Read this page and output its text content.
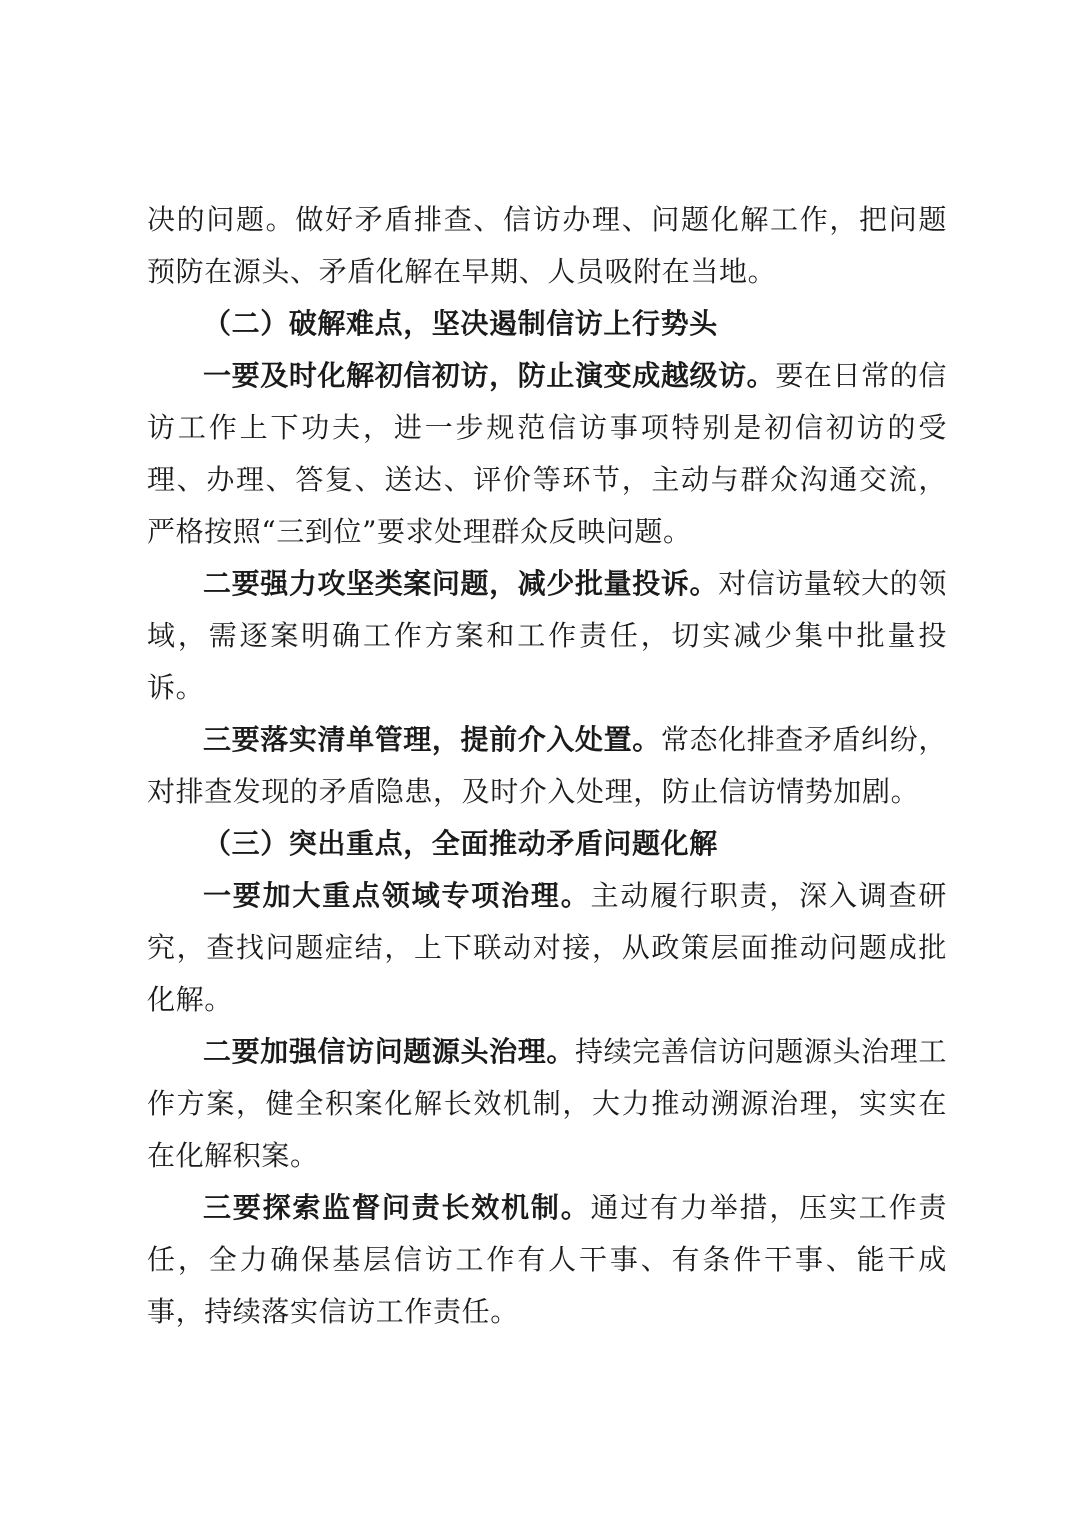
决的问题。做好矛盾排查、信访办理、问题化解工作，把问题预防在源头、矛盾化解在早期、人员吸附在当地。

（二）破解难点，坚决遏制信访上行势头

一要及时化解初信初访，防止演变成越级访。要在日常的信访工作上下功夫，进一步规范信访事项特别是初信初访的受理、办理、答复、送达、评价等环节，主动与群众沟通交流，严格按照“三到位”要求处理群众反映问题。

二要强力攻坚类案问题，减少批量投诉。对信访量较大的领域，需逐案明确工作方案和工作责任，切实减少集中批量投诉。

三要落实清单管理，提前介入处置。常态化排查矛盾纠纷，对排查发现的矛盾隐患，及时介入处理，防止信访情势加剧。

（三）突出重点，全面推动矛盾问题化解

一要加大重点领域专项治理。主动履行职责，深入调查研究，查找问题症结，上下联动对接，从政策层面推动问题成批化解。

二要加强信访问题源头治理。持续完善信访问题源头治理工作方案，健全积案化解长效机制，大力推动溯源治理，实实在在化解积案。

三要探索监督问责长效机制。通过有力举措，压实工作责任，全力确保基层信访工作有人干事、有条件干事、能干成事，持续落实信访工作责任。
